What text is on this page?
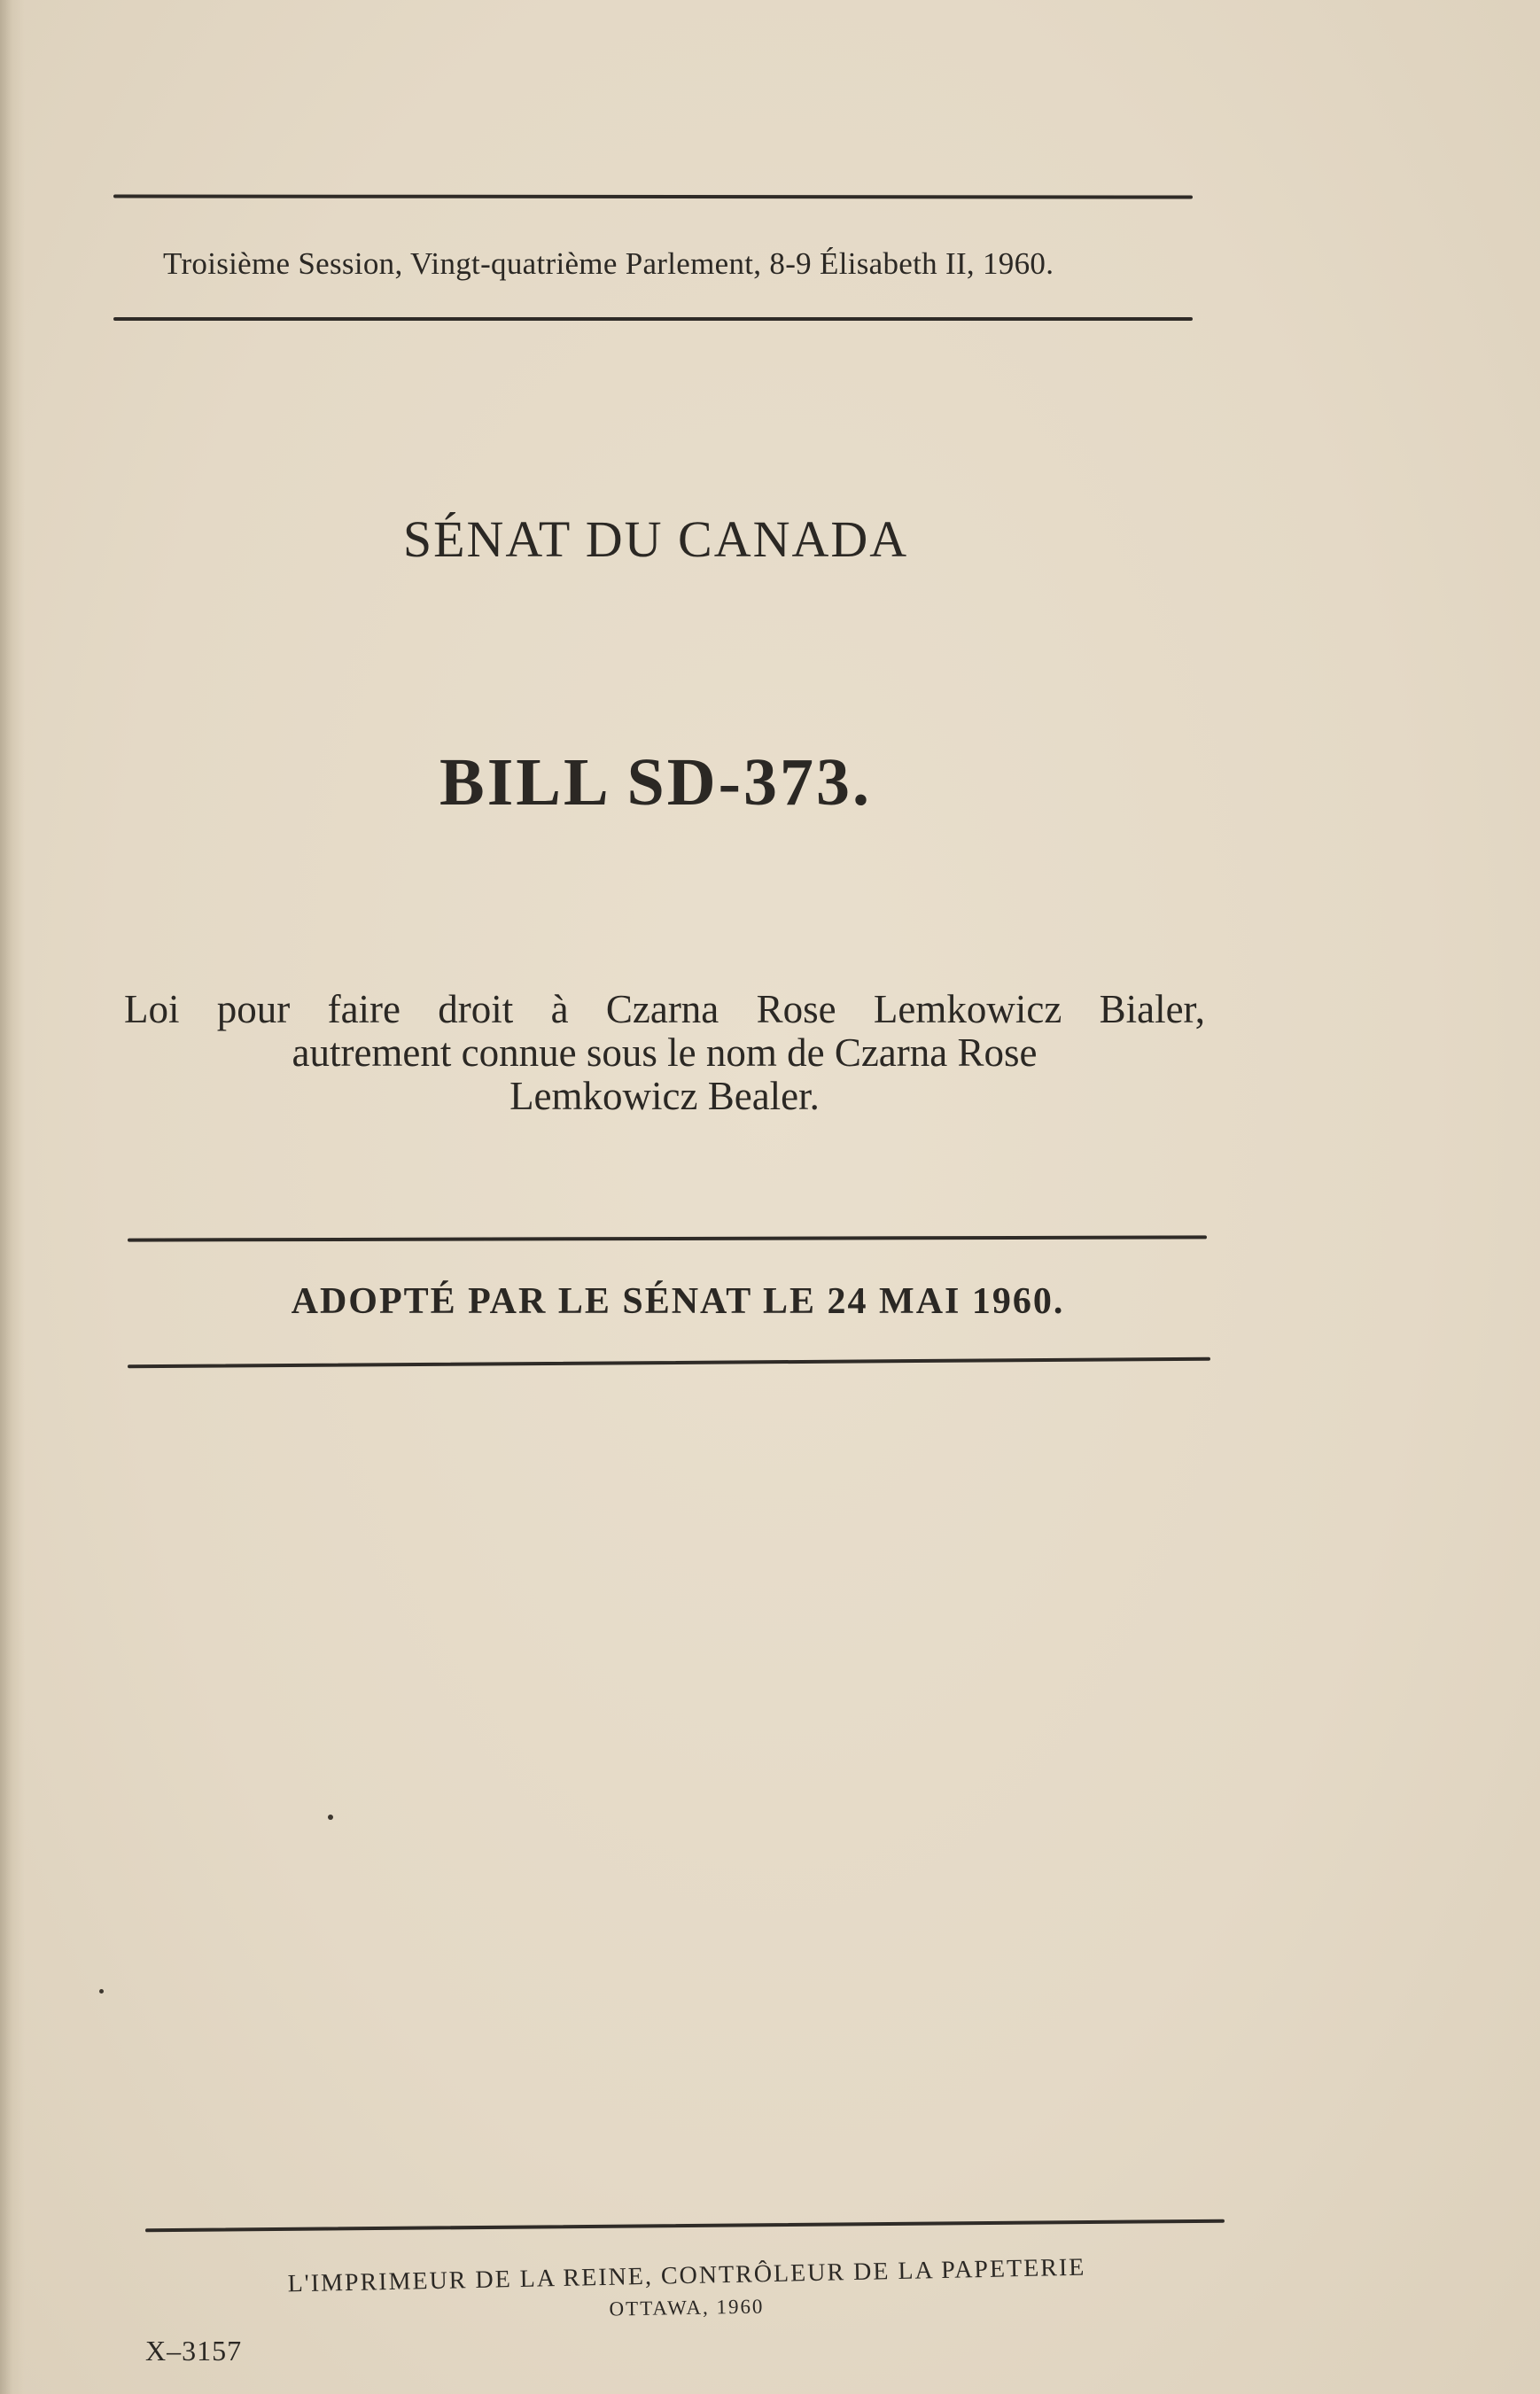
Troisième Session, Vingt-quatrième Parlement, 8-9 Élisabeth II, 1960.
SÉNAT DU CANADA
BILL SD-373.
Loi pour faire droit à Czarna Rose Lemkowicz Bialer,
autrement connue sous le nom de Czarna Rose
Lemkowicz Bealer.
ADOPTÉ PAR LE SÉNAT LE 24 MAI 1960.
L'IMPRIMEUR DE LA REINE, CONTRÔLEUR DE LA PAPETERIE
OTTAWA, 1960
X–3157
